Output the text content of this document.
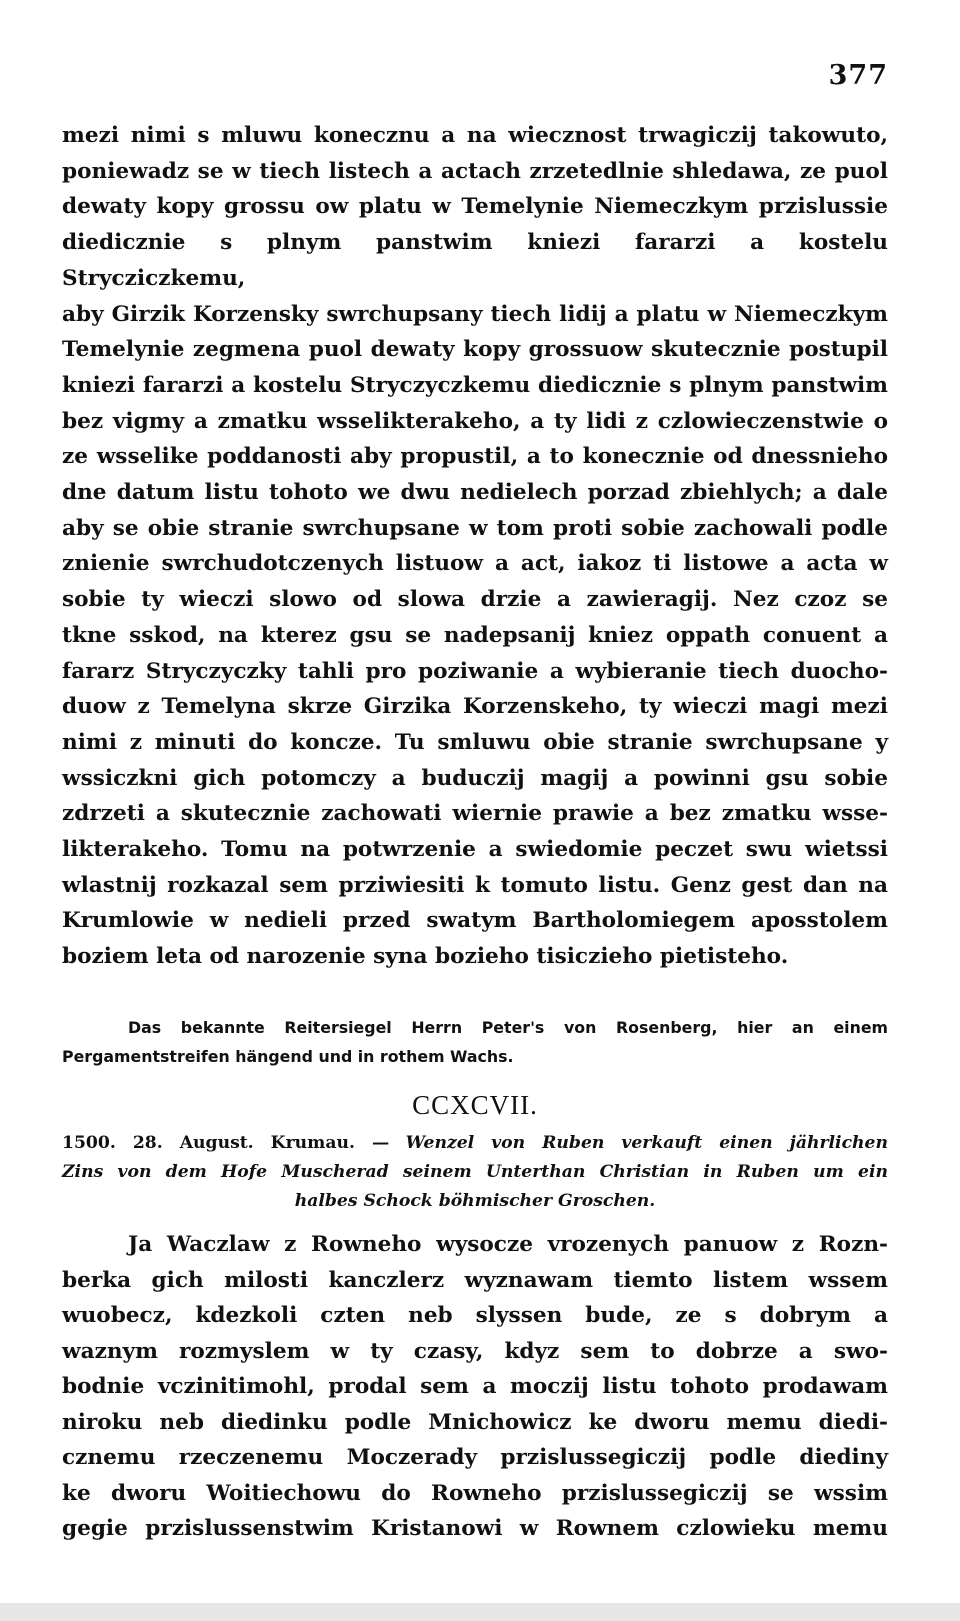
377
mezi nimi s mluwu konecznu a na wiecznost trwagiczij takowuto,
poniewadz se w tiech listech a actach zrzetedlnie shledawa, ze puol
dewaty kopy grossu ow platu w Temelynie Niemeczkym przislussie
diedicznie s plnym panstwim kniezi fararzi a kostelu Strycziczkemu,
aby Girzik Korzensky swrchupsany tiech lidij a platu w Niemeczkym
Temelynie zegmena puol dewaty kopy grossuow skutecznie postupil
kniezi fararzi a kostelu Stryczyczkemu diedicznie s plnym panstwim
bez vigmy a zmatku wsselikterakeho, a ty lidi z czlowieczenstwie o
ze wsselike poddanosti aby propustil, a to konecznie od dnessnieho
dne datum listu tohoto we dwu nedielech porzad zbiehlych; a dale
aby se obie stranie swrchupsane w tom proti sobie zachowali podle
znienie swrchudotczenych listuow a act, iakoz ti listowe a acta w
sobie ty wieczi slowo od slowa drzie a zawieragij. Nez czoz se
tkne sskod, na kterez gsu se nadepsanij kniez oppath conuent a
fararz Stryczyczky tahli pro poziwanie a wybieranie tiech duocho-
duow z Temelyna skrze Girzika Korzenskeho, ty wieczi magi mezi
nimi z minuti do koncze. Tu smluwu obie stranie swrchupsane y
wssiczkni gich potomczy a buduczij magij a powinni gsu sobie
zdrzeti a skutecznie zachowati wiernie prawie a bez zmatku wsse-
likterakeho. Tomu na potwrzenie a swiedomie peczet swu wietssi
wlastnij rozkazal sem prziwiesiti k tomuto listu. Genz gest dan na
Krumlowie w nedieli przed swatym Bartholomiegem aposstolem
boziem leta od narozenie syna bozieho tisiczieho pietisteho.
Das bekannte Reitersiegel Herrn Peter's von Rosenberg, hier an einem
Pergamentstreifen hängend und in rothem Wachs.
CCXCVII.
1500. 28. August. Krumau. — Wenzel von Ruben verkauft einen jährlichen
Zins von dem Hofe Muscherad seinem Unterthan Christian in Ruben um ein
halbes Schock böhmischer Groschen.
Ja Waczlaw z Rowneho wysocze vrozenych panuow z Rozn-
berka gich milosti kanczlerz wyznawam tiemto listem wssem
wuobecz, kdezkoli czten neb slyssen bude, ze s dobrym a
waznym rozmyslem w ty czasy, kdyz sem to dobrze a swo-
bodnie vczinitimohl, prodal sem a moczij listu tohoto prodawam
niroku neb diedinku podle Mnichowicz ke dworu memu diedi-
cznemu rzeczenemu Moczerady przislussegiczij podle diediny
ke dworu Woitiechowu do Rowneho przislussegiczij se wssim
gegie przislussenstwim Kristanowi w Rownem czlowieku memu
